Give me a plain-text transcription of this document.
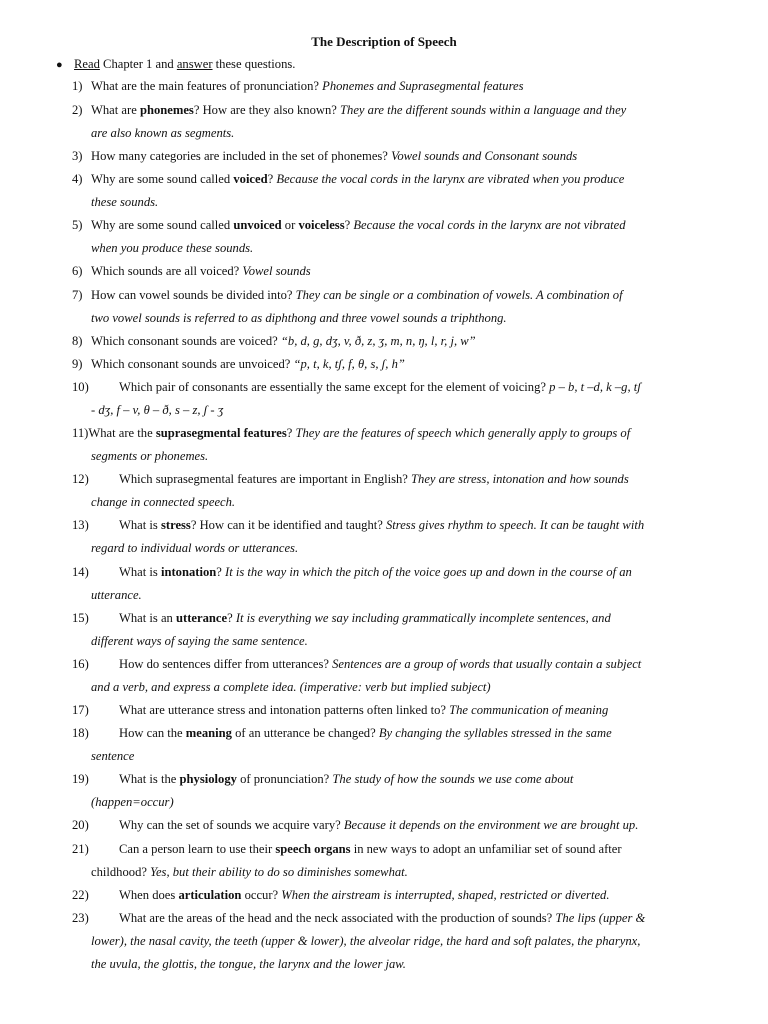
The Description of Speech
● Read Chapter 1 and answer these questions.
1) What are the main features of pronunciation? Phonemes and Suprasegmental features
2) What are phonemes? How are they also known? They are the different sounds within a language and they
are also known as segments.
3) How many categories are included in the set of phonemes? Vowel sounds and Consonant sounds
4) Why are some sound called voiced? Because the vocal cords in the larynx are vibrated when you produce
these sounds.
5) Why are some sound called unvoiced or voiceless? Because the vocal cords in the larynx are not vibrated
when you produce these sounds.
6) Which sounds are all voiced? Vowel sounds
7) How can vowel sounds be divided into? They can be single or a combination of vowels. A combination of
two vowel sounds is referred to as diphthong and three vowel sounds a triphthong.
8) Which consonant sounds are voiced? “b, d, g, dʒ, v, ð, z, ʒ, m, n, ŋ, l, r, j, w”
9) Which consonant sounds are unvoiced? “p, t, k, tʃ, f, θ, s, ʃ, h”
10) Which pair of consonants are essentially the same except for the element of voicing? p – b, t –d, k –g, tʃ
- dʒ, f – v, θ – ð, s – z, ʃ - ʒ
11)What are the suprasegmental features? They are the features of speech which generally apply to groups of
segments or phonemes.
12) Which suprasegmental features are important in English? They are stress, intonation and how sounds
change in connected speech.
13) What is stress? How can it be identified and taught? Stress gives rhythm to speech. It can be taught with
regard to individual words or utterances.
14) What is intonation? It is the way in which the pitch of the voice goes up and down in the course of an
utterance.
15) What is an utterance? It is everything we say including grammatically incomplete sentences, and
different ways of saying the same sentence.
16) How do sentences differ from utterances? Sentences are a group of words that usually contain a subject
and a verb, and express a complete idea. (imperative: verb but implied subject)
17) What are utterance stress and intonation patterns often linked to? The communication of meaning
18) How can the meaning of an utterance be changed? By changing the syllables stressed in the same
sentence
19) What is the physiology of pronunciation? The study of how the sounds we use come about
(happen=occur)
20) Why can the set of sounds we acquire vary? Because it depends on the environment we are brought up.
21) Can a person learn to use their speech organs in new ways to adopt an unfamiliar set of sound after
childhood? Yes, but their ability to do so diminishes somewhat.
22) When does articulation occur? When the airstream is interrupted, shaped, restricted or diverted.
23) What are the areas of the head and the neck associated with the production of sounds? The lips (upper &
lower), the nasal cavity, the teeth (upper & lower), the alveolar ridge, the hard and soft palates, the pharynx,
the uvula, the glottis, the tongue, the larynx and the lower jaw.
